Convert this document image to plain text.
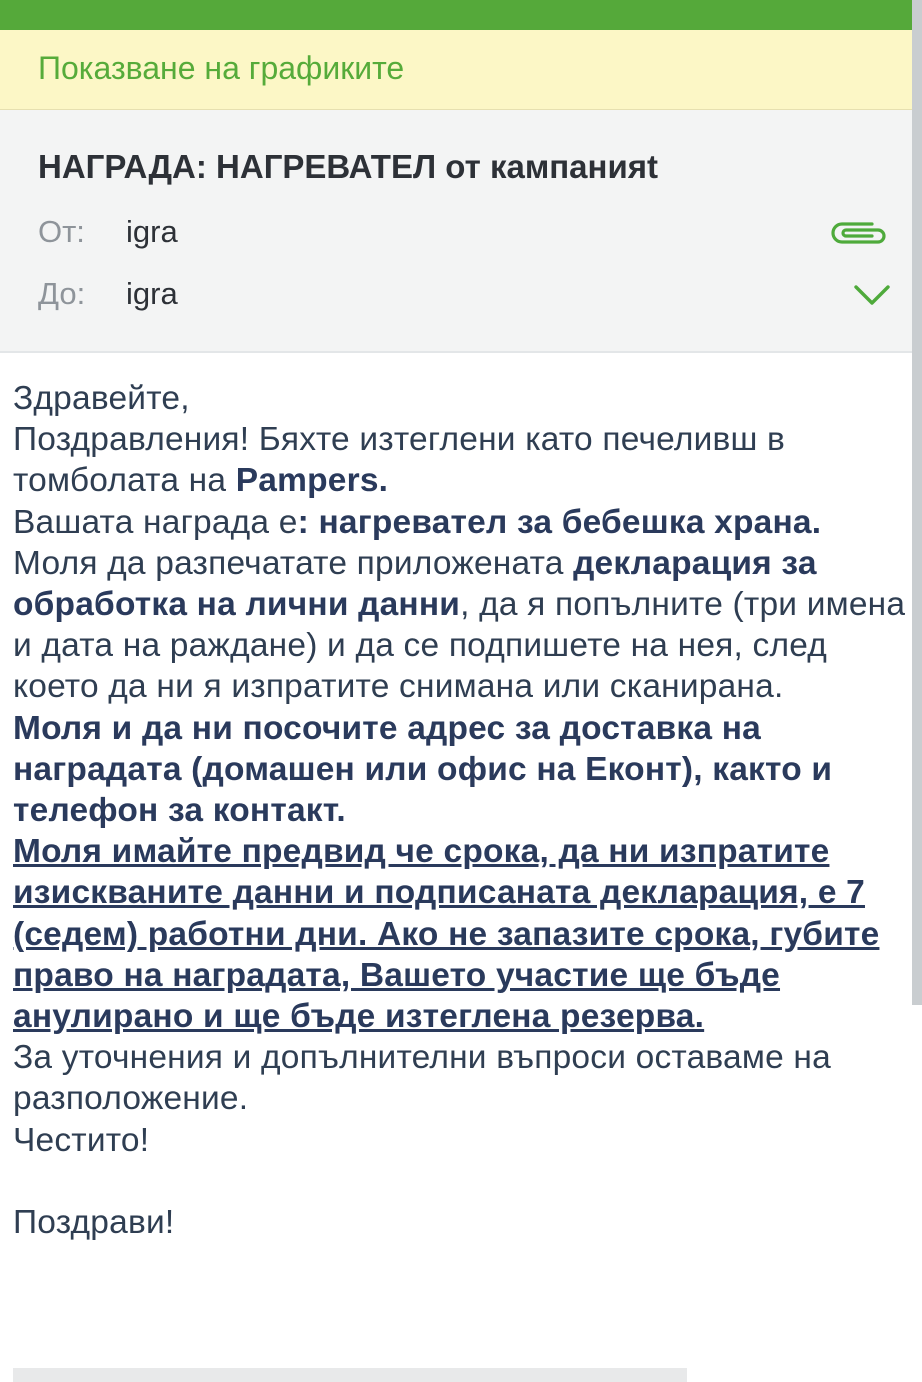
Показване на графиките
НАГРАДА: НАГРЕВАТЕЛ от кампанияt
От: igra
До: igra

Здравейте,

Поздравления! Бяхте изтеглени като печеливш в томболата на Pampers.

Вашата награда е: нагревател за бебешка храна.

Моля да разпечатате приложената декларация за обработка на лични данни, да я попълните (три имена и дата на раждане) и да се подпишете на нея, след което да ни я изпратите снимана или сканирана.

Моля и да ни посочите адрес за доставка на наградата (домашен или офис на Еконт), както и телефон за контакт.

Моля имайте предвид че срока, да ни изпратите изискваните данни и подписаната декларация, е 7 (седем) работни дни. Ако не запазите срока, губите право на наградата, Вашето участие ще бъде анулирано и ще бъде изтеглена резерва.

За уточнения и допълнителни въпроси оставаме на разположение.

Честито!

Поздрави!
